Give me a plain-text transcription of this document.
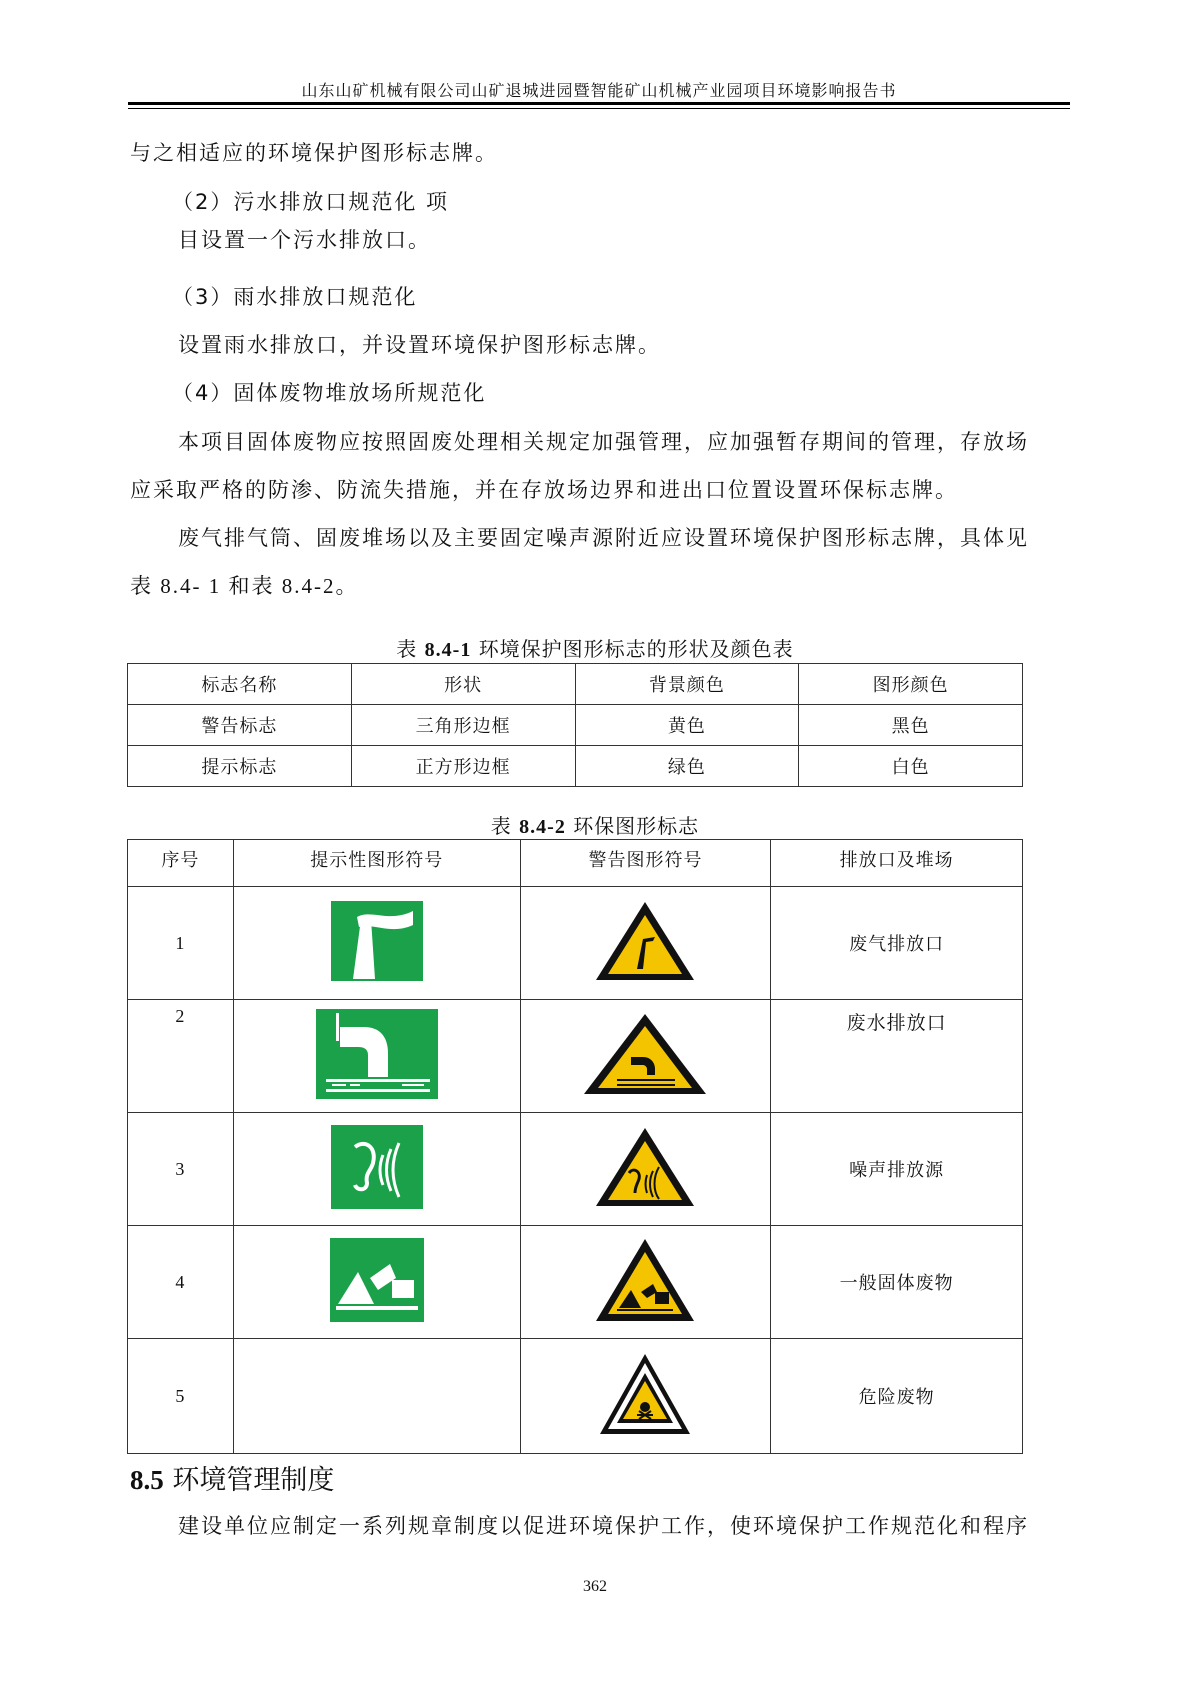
山东山矿机械有限公司山矿退城进园暨智能矿山机械产业园项目环境影响报告书
与之相适应的环境保护图形标志牌。
（2）污水排放口规范化 项
目设置一个污水排放口。
（3）雨水排放口规范化
设置雨水排放口，并设置环境保护图形标志牌。
（4）固体废物堆放场所规范化
本项目固体废物应按照固废处理相关规定加强管理，应加强暂存期间的管理，存放场
应采取严格的防渗、防流失措施，并在存放场边界和进出口位置设置环保标志牌。
废气排气筒、固废堆场以及主要固定噪声源附近应设置环境保护图形标志牌，具体见
表 8.4- 1 和表 8.4-2。
表 8.4-1 环境保护图形标志的形状及颜色表
标志名称	形状	背景颜色	图形颜色
警告标志	三角形边框	黄色	黑色
提示标志	正方形边框	绿色	白色
表 8.4-2 环保图形标志
序号	提示性图形符号	警告图形符号	排放口及堆场
1			废气排放口
2			废水排放口
3			噪声排放源
4			一般固体废物
5			危险废物
8.5 环境管理制度
建设单位应制定一系列规章制度以促进环境保护工作，使环境保护工作规范化和程序
362
